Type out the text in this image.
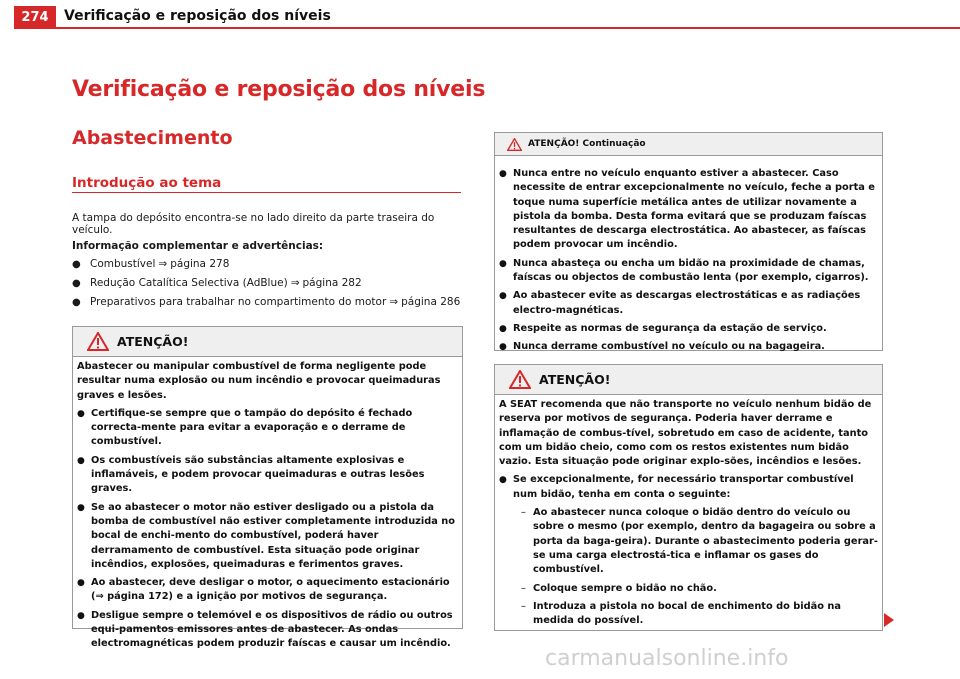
274	Verificação e reposição dos níveis
Verificação e reposição dos níveis
Abastecimento
Introdução ao tema
A tampa do depósito encontra-se no lado direito da parte traseira do veículo.
Informação complementar e advertências:
● Combustível ⇒ página 278
● Redução Catalítica Selectiva (AdBlue) ⇒ página 282
● Preparativos para trabalhar no compartimento do motor ⇒ página 286
ATENÇÃO!
Abastecer ou manipular combustível de forma negligente pode resultar numa explosão ou num incêndio e provocar queimaduras graves e lesões.
● Certifique-se sempre que o tampão do depósito é fechado correcta-mente para evitar a evaporação e o derrame de combustível.
● Os combustíveis são substâncias altamente explosivas e inflamáveis, e podem provocar queimaduras e outras lesões graves.
● Se ao abastecer o motor não estiver desligado ou a pistola da bomba de combustível não estiver completamente introduzida no bocal de enchi-mento do combustível, poderá haver derramamento de combustível. Esta situação pode originar incêndios, explosões, queimaduras e ferimentos graves.
● Ao abastecer, deve desligar o motor, o aquecimento estacionário (⇒ página 172) e a ignição por motivos de segurança.
● Desligue sempre o telemóvel e os dispositivos de rádio ou outros equi-pamentos emissores antes de abastecer. As ondas electromagnéticas podem produzir faíscas e causar um incêndio.
ATENÇÃO! Continuação
● Nunca entre no veículo enquanto estiver a abastecer. Caso necessite de entrar excepcionalmente no veículo, feche a porta e toque numa superfície metálica antes de utilizar novamente a pistola da bomba. Desta forma evitará que se produzam faíscas resultantes de descarga electrostática. Ao abastecer, as faíscas podem provocar um incêndio.
● Nunca abasteça ou encha um bidão na proximidade de chamas, faíscas ou objectos de combustão lenta (por exemplo, cigarros).
● Ao abastecer evite as descargas electrostáticas e as radiações electro-magnéticas.
● Respeite as normas de segurança da estação de serviço.
● Nunca derrame combustível no veículo ou na bagageira.
ATENÇÃO!
A SEAT recomenda que não transporte no veículo nenhum bidão de reserva por motivos de segurança. Poderia haver derrame e inflamação de combus-tível, sobretudo em caso de acidente, tanto com um bidão cheio, como com os restos existentes num bidão vazio. Esta situação pode originar explo-sões, incêndios e lesões.
● Se excepcionalmente, for necessário transportar combustível num bidão, tenha em conta o seguinte:
– Ao abastecer nunca coloque o bidão dentro do veículo ou sobre o mesmo (por exemplo, dentro da bagageira ou sobre a porta da baga-geira). Durante o abastecimento poderia gerar-se uma carga electrostá-tica e inflamar os gases do combustível.
– Coloque sempre o bidão no chão.
– Introduza a pistola no bocal de enchimento do bidão na medida do possível.
carmanualsonline.info
